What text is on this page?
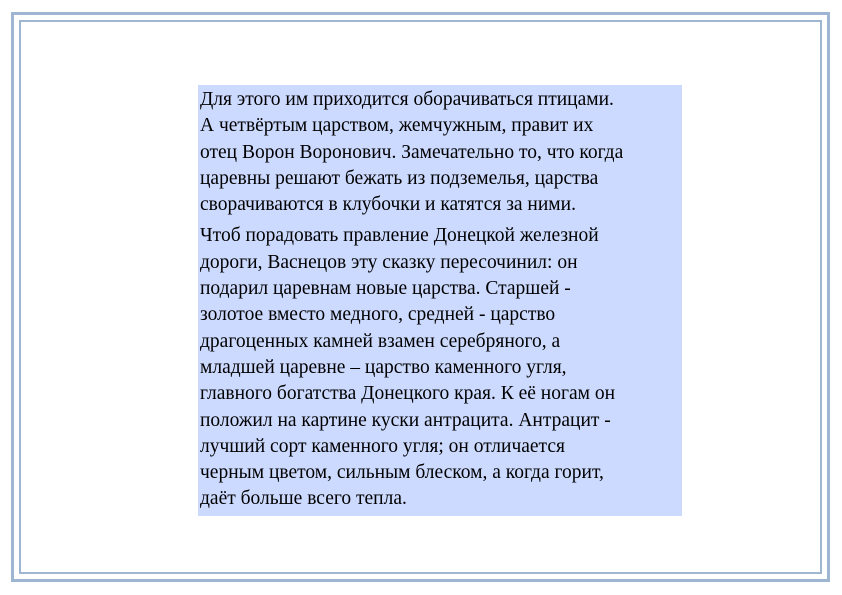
Для этого им приходится оборачиваться птицами.
А четвёртым царством, жемчужным, правит их
отец Ворон Воронович. Замечательно то, что когда
царевны решают бежать из подземелья, царства
сворачиваются в клубочки и катятся за ними.

Чтоб порадовать правление Донецкой железной
дороги, Васнецов эту сказку пересочинил: он
подарил царевнам новые царства. Старшей -
золотое вместо медного, средней - царство
драгоценных камней взамен серебряного, а
младшей царевне – царство каменного угля,
главного богатства Донецкого края. К её ногам он
положил на картине куски антрацита. Антрацит -
лучший сорт каменного угля; он отличается
черным цветом, сильным блеском, а когда горит,
даёт больше всего тепла.
